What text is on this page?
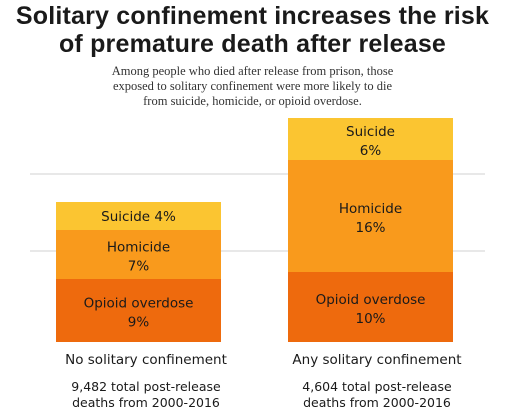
Solitary confinement increases the risk
of premature death after release
Among people who died after release from prison, those
exposed to solitary confinement were more likely to die
from suicide, homicide, or opioid overdose.
Opioid overdose
9%
Homicide
7%
Suicide 4%
Opioid overdose
10%
Homicide
16%
Suicide
6%
No solitary confinement	Any solitary confinement
9,482 total post-release
deaths from 2000-2016
4,604 total post-release
deaths from 2000-2016
